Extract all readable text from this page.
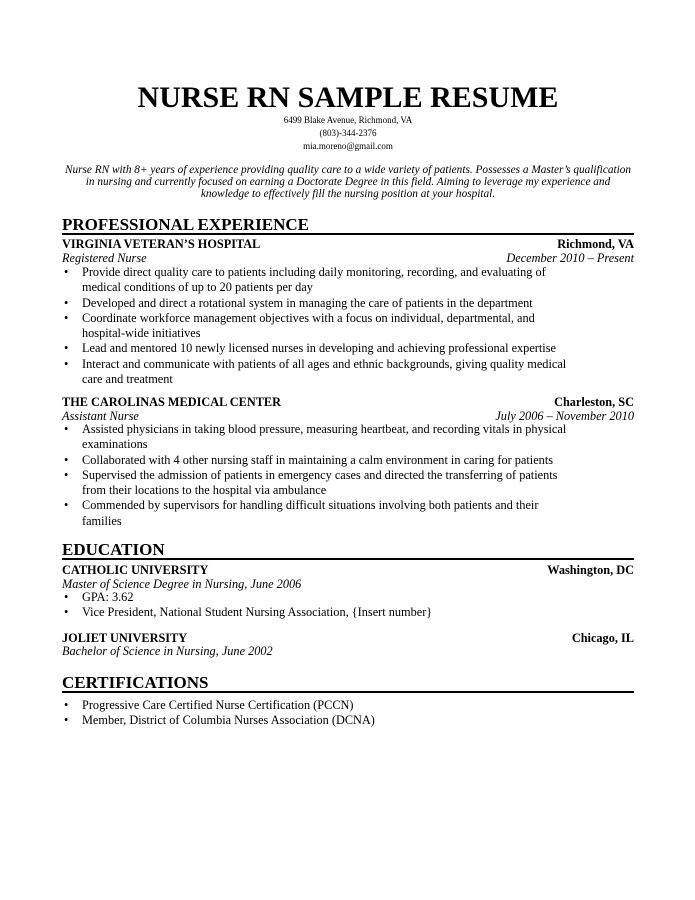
NURSE RN SAMPLE RESUME
6499 Blake Avenue, Richmond, VA
(803)-344-2376
mia.moreno@gmail.com
Nurse RN with 8+ years of experience providing quality care to a wide variety of patients. Possesses a Master’s qualification
in nursing and currently focused on earning a Doctorate Degree in this field. Aiming to leverage my experience and
knowledge to effectively fill the nursing position at your hospital.
PROFESSIONAL EXPERIENCE
VIRGINIA VETERAN’S HOSPITAL	Richmond, VA
Registered Nurse	December 2010 – Present
• Provide direct quality care to patients including daily monitoring, recording, and evaluating of
medical conditions of up to 20 patients per day
• Developed and direct a rotational system in managing the care of patients in the department
• Coordinate workforce management objectives with a focus on individual, departmental, and
hospital-wide initiatives
• Lead and mentored 10 newly licensed nurses in developing and achieving professional expertise
• Interact and communicate with patients of all ages and ethnic backgrounds, giving quality medical
care and treatment
THE CAROLINAS MEDICAL CENTER	Charleston, SC
Assistant Nurse	July 2006 – November 2010
• Assisted physicians in taking blood pressure, measuring heartbeat, and recording vitals in physical
examinations
• Collaborated with 4 other nursing staff in maintaining a calm environment in caring for patients
• Supervised the admission of patients in emergency cases and directed the transferring of patients
from their locations to the hospital via ambulance
• Commended by supervisors for handling difficult situations involving both patients and their
families
EDUCATION
CATHOLIC UNIVERSITY	Washington, DC
Master of Science Degree in Nursing, June 2006
• GPA: 3.62
• Vice President, National Student Nursing Association, {Insert number}
JOLIET UNIVERSITY	Chicago, IL
Bachelor of Science in Nursing, June 2002
CERTIFICATIONS
• Progressive Care Certified Nurse Certification (PCCN)
• Member, District of Columbia Nurses Association (DCNA)
